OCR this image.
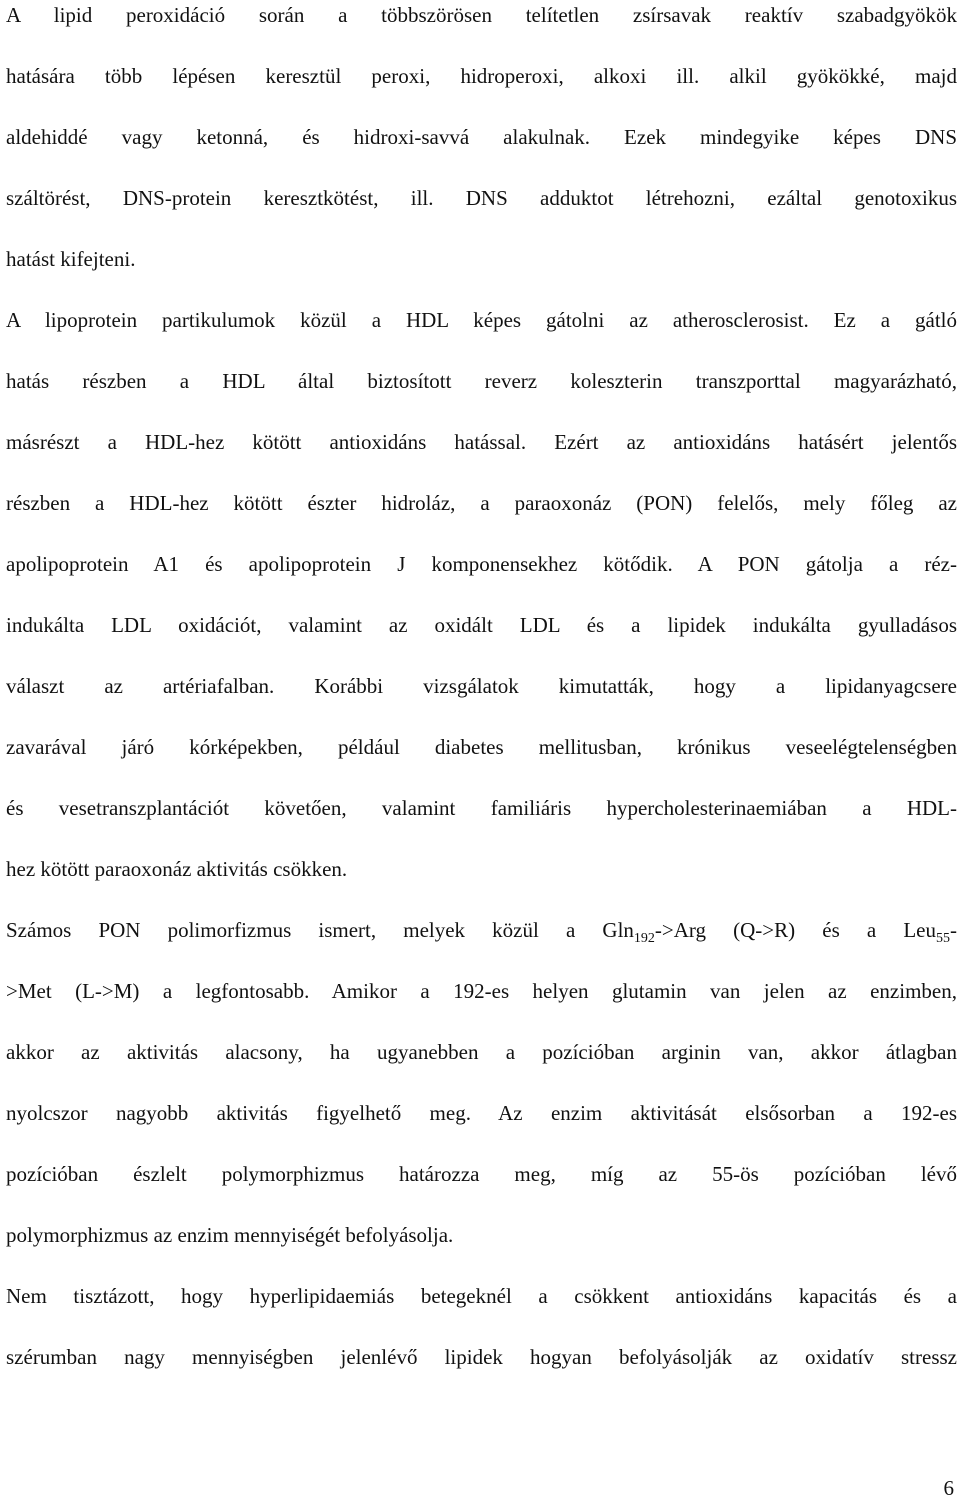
A lipid peroxidáció során a többszörösen telítetlen zsírsavak reaktív szabadgyökök
hatására több lépésen keresztül peroxi, hidroperoxi, alkoxi ill. alkil gyökökké, majd
aldehiddé vagy ketonná, és hidroxi-savvá alakulnak. Ezek mindegyike képes DNS
száltörést, DNS-protein keresztkötést, ill. DNS adduktot létrehozni, ezáltal genotoxikus
hatást kifejteni.
A lipoprotein partikulumok közül a HDL képes gátolni az atherosclerosist. Ez a gátló
hatás részben a HDL által biztosított reverz koleszterin transzporttal magyarázható,
másrészt a HDL-hez kötött antioxidáns hatással. Ezért az antioxidáns hatásért jelentős
részben a HDL-hez kötött észter hidroláz, a paraoxonáz (PON) felelős, mely főleg az
apolipoprotein A1 és apolipoprotein J komponensekhez kötődik. A PON gátolja a réz-
indukálta LDL oxidációt, valamint az oxidált LDL és a lipidek indukálta gyulladásos
választ az artériafalban. Korábbi vizsgálatok kimutatták, hogy a lipidanyagcsere
zavarával járó kórképekben, például diabetes mellitusban, krónikus veseelégtelenségben
és vesetranszplantációt követően, valamint familiáris hypercholesterinaemiában a HDL-
hez kötött paraoxonáz aktivitás csökken.
Számos PON polimorfizmus ismert, melyek közül a Gln$_{192}$->Arg (Q->R) és a Leu$_{55}$-
>Met (L->M) a legfontosabb. Amikor a 192-es helyen glutamin van jelen az enzimben,
akkor az aktivitás alacsony, ha ugyanebben a pozícióban arginin van, akkor átlagban
nyolcszor nagyobb aktivitás figyelhető meg. Az enzim aktivitását elsősorban a 192-es
pozícióban észlelt polymorphizmus határozza meg, míg az 55-ös pozícióban lévő
polymorphizmus az enzim mennyiségét befolyásolja.
Nem tisztázott, hogy hyperlipidaemiás betegeknél a csökkent antioxidáns kapacitás és a
szérumban nagy mennyiségben jelenlévő lipidek hogyan befolyásolják az oxidatív stressz
6
